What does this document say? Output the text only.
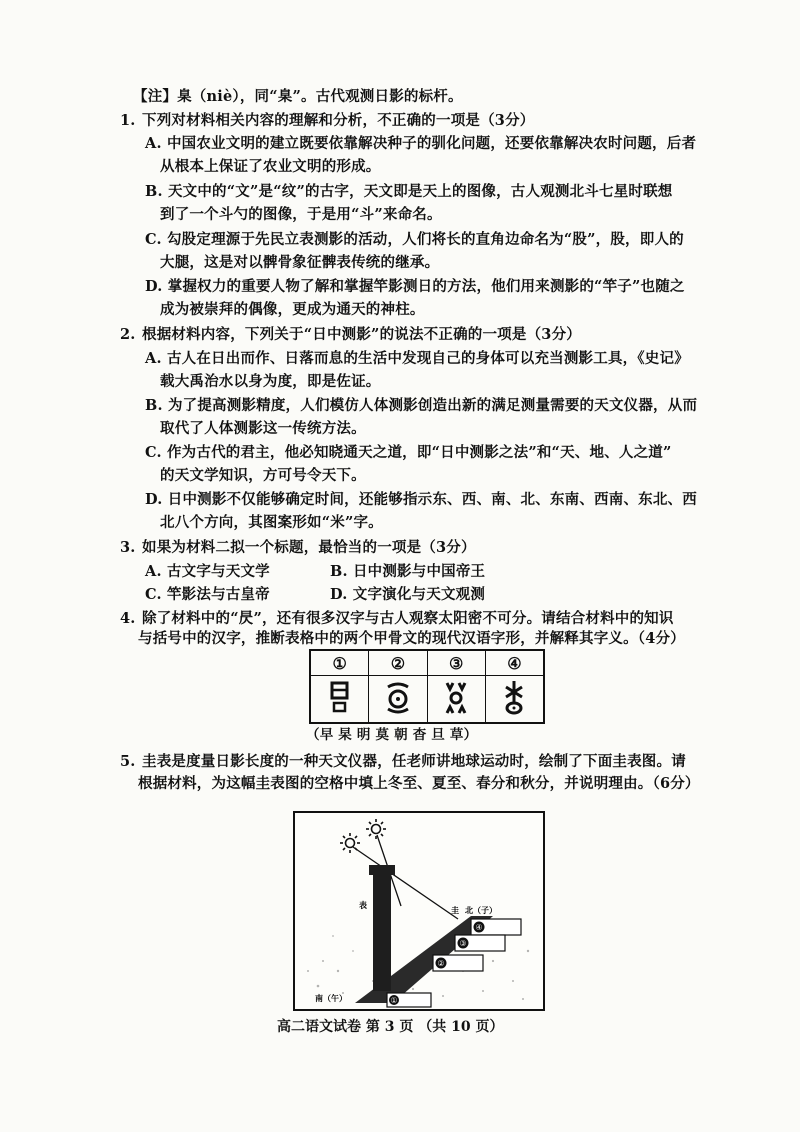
【注】臬（niè），同“臬”。古代观测日影的标杆。
1. 下列对材料相关内容的理解和分析，不正确的一项是（3分）
A. 中国农业文明的建立既要依靠解决种子的驯化问题，还要依靠解决农时问题，后者
从根本上保证了农业文明的形成。
B. 天文中的“文”是“纹”的古字，天文即是天上的图像，古人观测北斗七星时联想
到了一个斗勺的图像，于是用“斗”来命名。
C. 勾股定理源于先民立表测影的活动，人们将长的直角边命名为“股”，股，即人的
大腿，这是对以髀骨象征髀表传统的继承。
D. 掌握权力的重要人物了解和掌握竿影测日的方法，他们用来测影的“竿子”也随之
成为被崇拜的偶像，更成为通天的神柱。
2. 根据材料内容，下列关于“日中测影”的说法不正确的一项是（3分）
A. 古人在日出而作、日落而息的生活中发现自己的身体可以充当测影工具，《史记》
载大禹治水以身为度，即是佐证。
B. 为了提高测影精度，人们模仿人体测影创造出新的满足测量需要的天文仪器，从而
取代了人体测影这一传统方法。
C. 作为古代的君主，他必知晓通天之道，即“日中测影之法”和“天、地、人之道”
的天文学知识，方可号令天下。
D. 日中测影不仅能够确定时间，还能够指示东、西、南、北、东南、西南、东北、西
北八个方向，其图案形如“米”字。
3. 如果为材料二拟一个标题，最恰当的一项是（3分）
A. 古文字与天文学	B. 日中测影与中国帝王
C. 竿影法与古皇帝	D. 文字演化与天文观测
4. 除了材料中的“昃”，还有很多汉字与古人观察太阳密不可分。请结合材料中的知识
与括号中的汉字，推断表格中的两个甲骨文的现代汉语字形，并解释其字义。（4分）
①	②	③	④

（早 杲 明 莫 朝 杳 旦 草）
5. 圭表是度量日影长度的一种天文仪器，任老师讲地球运动时，绘制了下面圭表图。请
根据材料，为这幅圭表图的空格中填上冬至、夏至、春分和秋分，并说明理由。（6分）
表
圭 北（子）
南（午）
④
③
②
①
高二语文试卷 第 3 页 （共 10 页）
